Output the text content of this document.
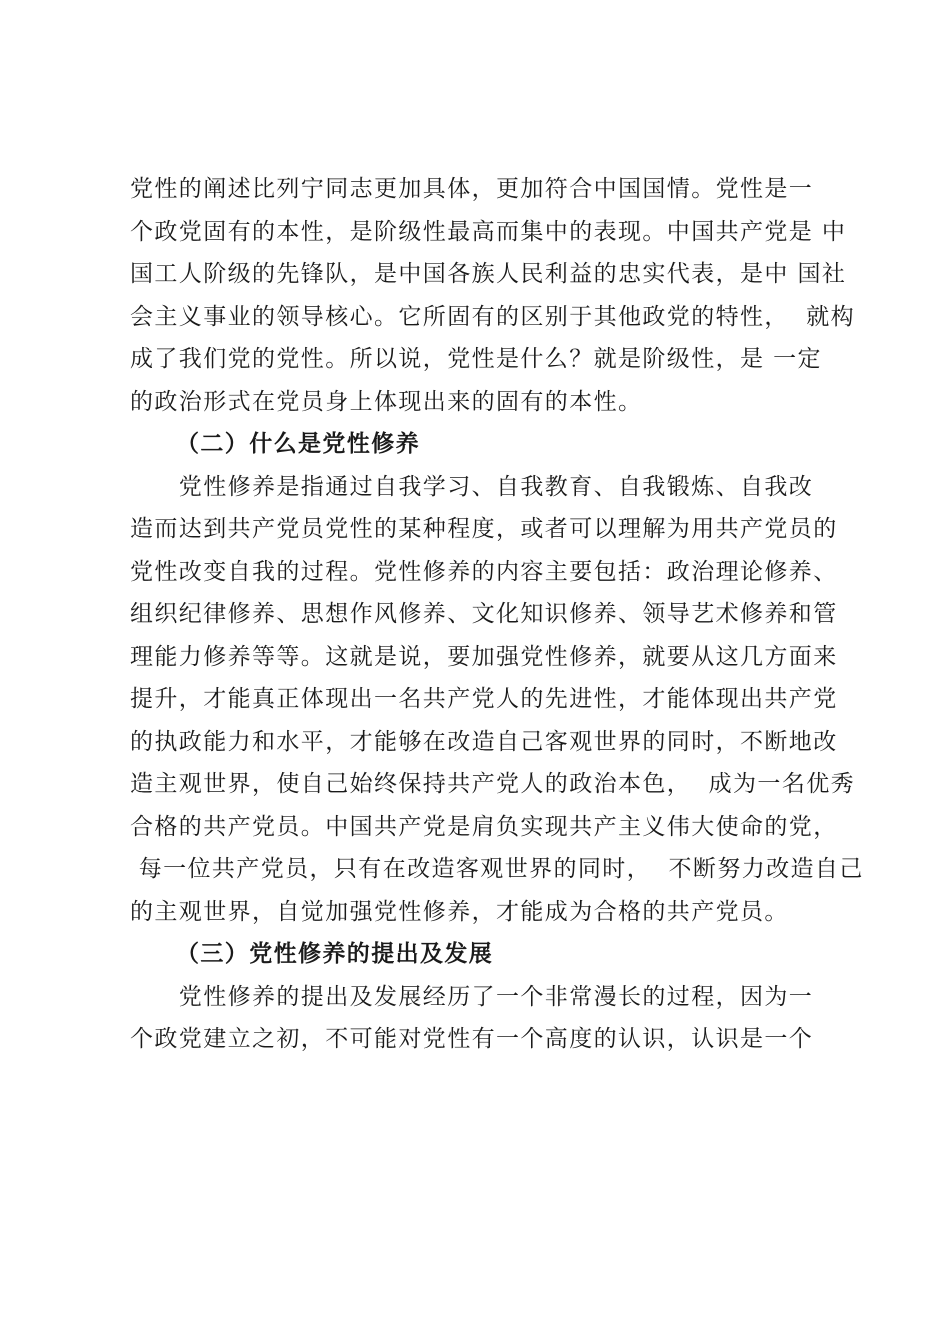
党性的阐述比列宁同志更加具体，更加符合中国国情。党性是一
个政党固有的本性，是阶级性最高而集中的表现。中国共产党是 中
国工人阶级的先锋队，是中国各族人民利益的忠实代表，是中 国社
会主义事业的领导核心。它所固有的区别于其他政党的特性，  就构
成了我们党的党性。所以说，党性是什么？就是阶级性，是 一定
的政治形式在党员身上体现出来的固有的本性。
（二）什么是党性修养
　　党性修养是指通过自我学习、自我教育、自我锻炼、自我改
造而达到共产党员党性的某种程度，或者可以理解为用共产党员的
党性改变自我的过程。党性修养的内容主要包括：政治理论修养、
组织纪律修养、思想作风修养、文化知识修养、领导艺术修养和管
理能力修养等等。这就是说，要加强党性修养，就要从这几方面来
提升，才能真正体现出一名共产党人的先进性，才能体现出共产党
的执政能力和水平，才能够在改造自己客观世界的同时，不断地改
造主观世界，使自己始终保持共产党人的政治本色，  成为一名优秀
合格的共产党员。中国共产党是肩负实现共产主义伟大使命的党，
每一位共产党员，只有在改造客观世界的同时，  不断努力改造自己
的主观世界，自觉加强党性修养，才能成为合格的共产党员。
（三）党性修养的提出及发展
　　党性修养的提出及发展经历了一个非常漫长的过程，因为一
个政党建立之初，不可能对党性有一个高度的认识，认识是一个
